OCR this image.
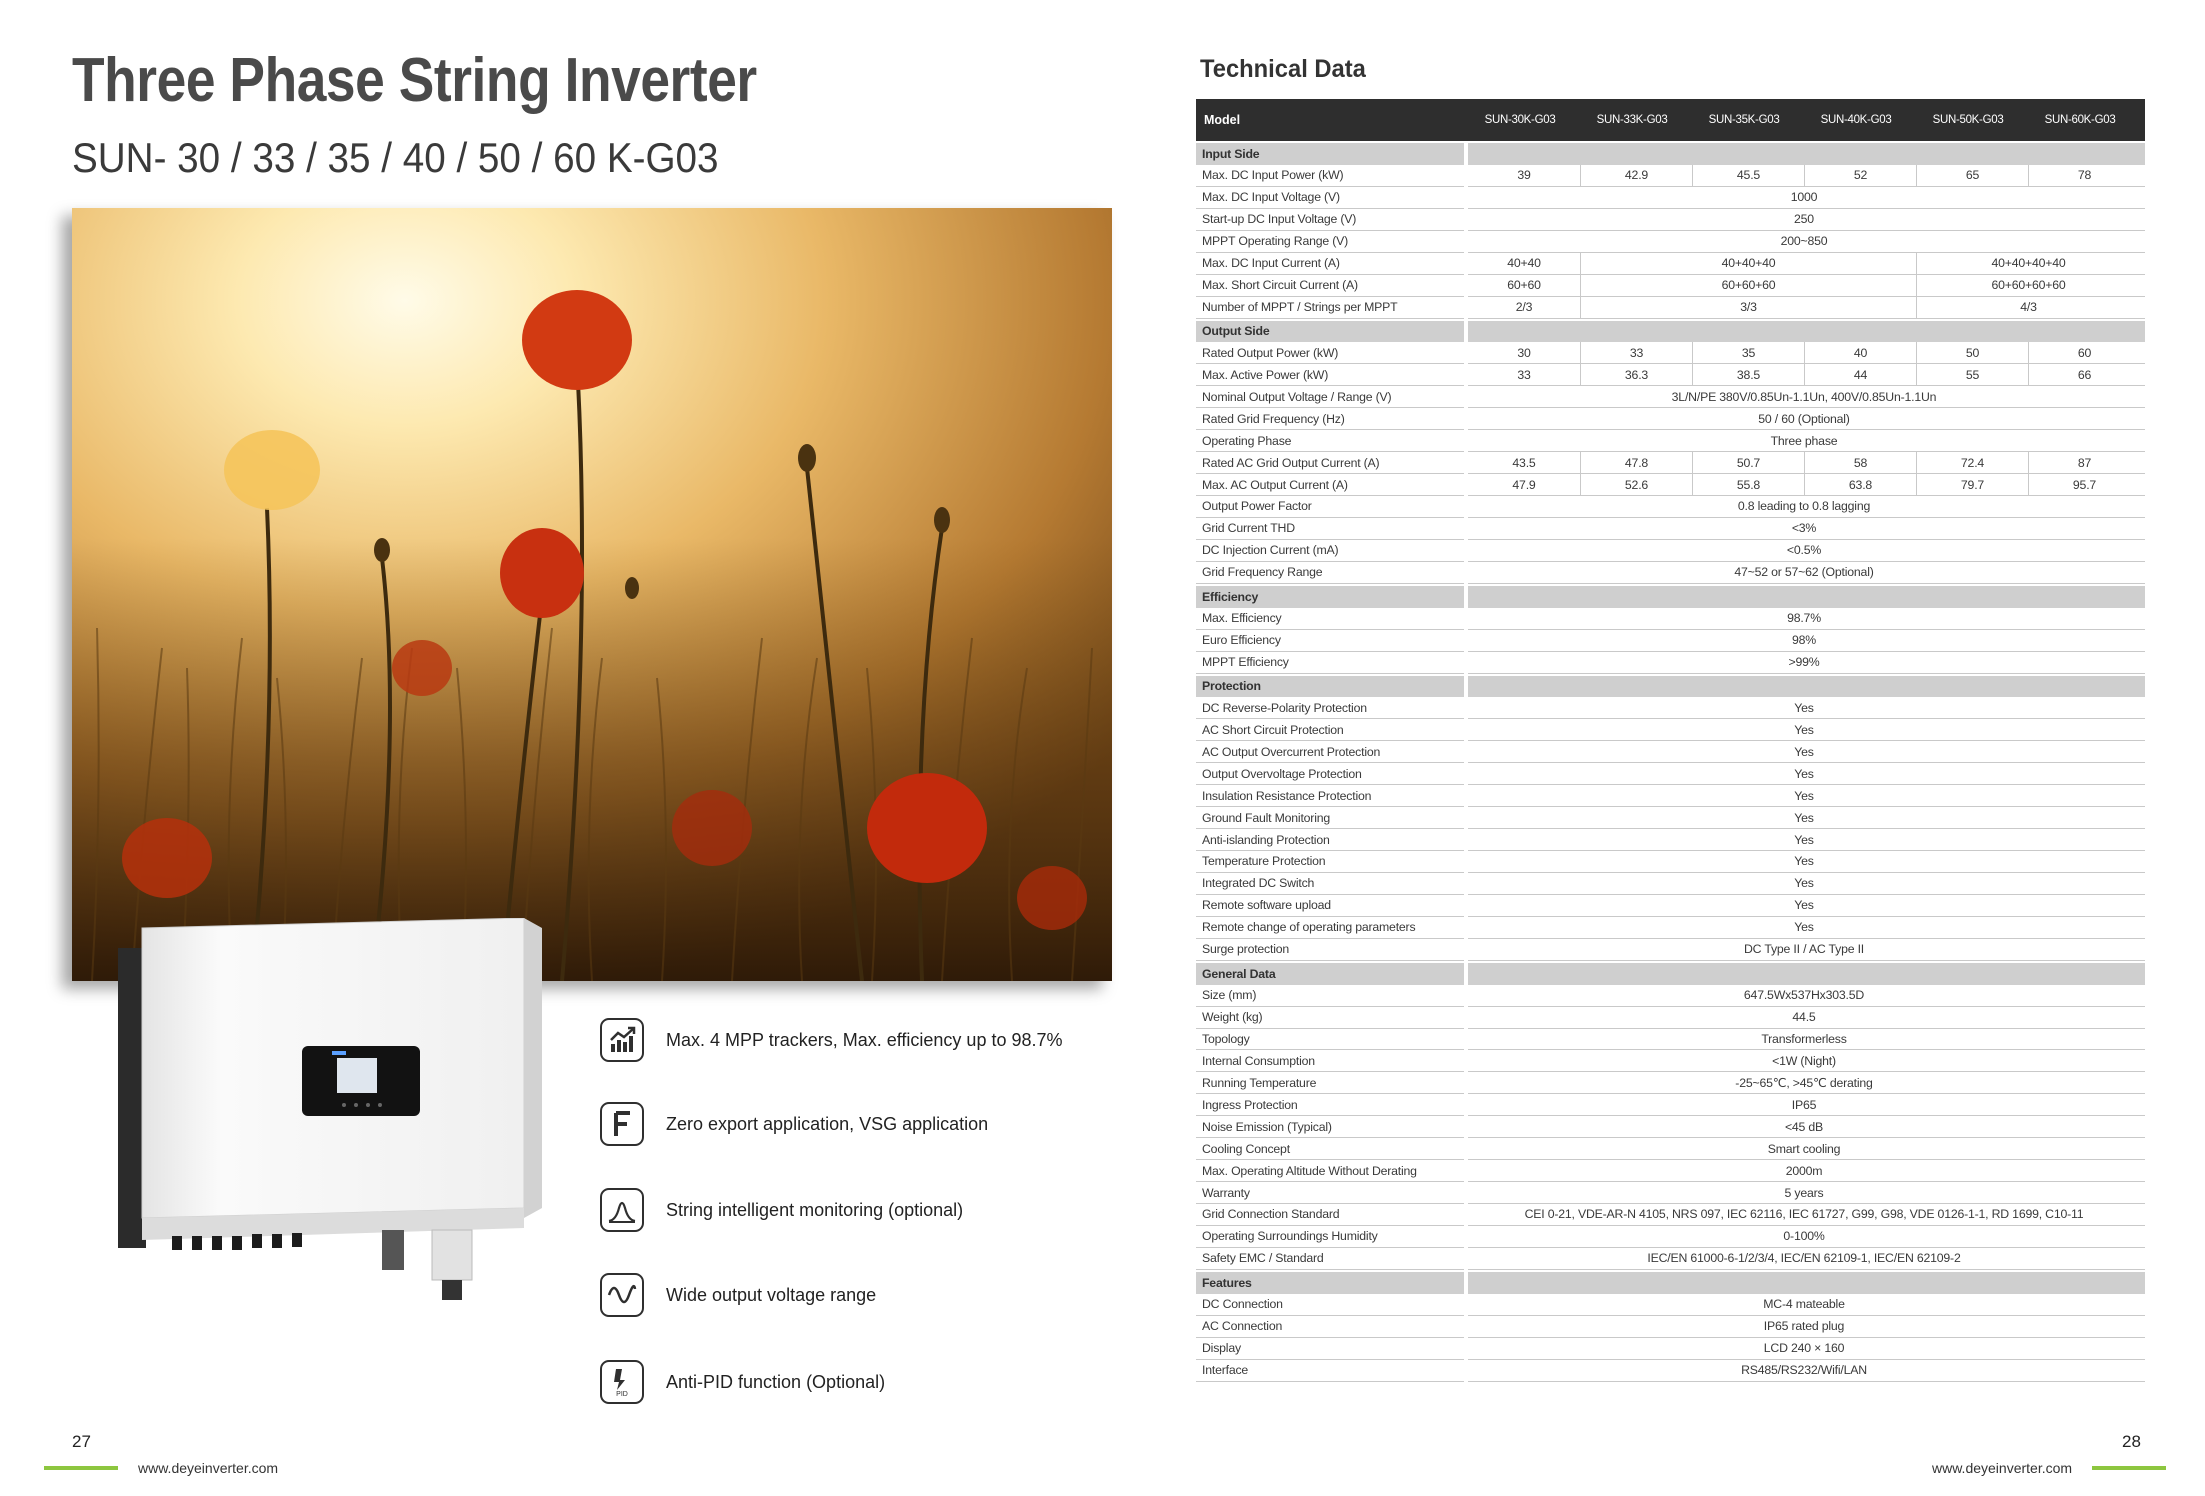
Three Phase String Inverter
SUN- 30 / 33 / 35 / 40 / 50 / 60 K-G03
Max. 4 MPP trackers, Max. efficiency up to 98.7%
Zero export application, VSG application
String intelligent monitoring (optional)
Wide output voltage range
PID
Anti-PID function (Optional)
27
www.deyeinverter.com
Technical Data
Model	SUN-30K-G03	SUN-33K-G03	SUN-35K-G03	SUN-40K-G03	SUN-50K-G03	SUN-60K-G03
Input Side
Max. DC Input Power (kW)	39	42.9	45.5	52	65	78
Max. DC Input Voltage (V)	1000
Start-up DC Input Voltage (V)	250
MPPT Operating Range (V)	200~850
Max. DC Input Current (A)	40+40	40+40+40	40+40+40+40
Max. Short Circuit Current (A)	60+60	60+60+60	60+60+60+60
Number of MPPT / Strings per MPPT	2/3	3/3	4/3
Output Side
Rated Output Power (kW)	30	33	35	40	50	60
Max. Active Power (kW)	33	36.3	38.5	44	55	66
Nominal Output Voltage / Range (V)	3L/N/PE 380V/0.85Un-1.1Un, 400V/0.85Un-1.1Un
Rated Grid Frequency (Hz)	50 / 60 (Optional)
Operating Phase	Three phase
Rated AC Grid Output Current (A)	43.5	47.8	50.7	58	72.4	87
Max. AC Output Current (A)	47.9	52.6	55.8	63.8	79.7	95.7
Output Power Factor	0.8 leading to 0.8 lagging
Grid Current THD	<3%
DC Injection Current (mA)	<0.5%
Grid Frequency Range	47~52 or 57~62 (Optional)
Efficiency
Max. Efficiency	98.7%
Euro Efficiency	98%
MPPT Efficiency	>99%
Protection
DC Reverse-Polarity Protection	Yes
AC Short Circuit Protection	Yes
AC Output Overcurrent Protection	Yes
Output Overvoltage Protection	Yes
Insulation Resistance Protection	Yes
Ground Fault Monitoring	Yes
Anti-islanding Protection	Yes
Temperature Protection	Yes
Integrated DC Switch	Yes
Remote software upload	Yes
Remote change of operating parameters	Yes
Surge protection	DC Type II / AC Type II
General Data
Size (mm)	647.5Wx537Hx303.5D
Weight (kg)	44.5
Topology	Transformerless
Internal Consumption	<1W (Night)
Running Temperature	-25~65℃, >45℃ derating
Ingress Protection	IP65
Noise Emission (Typical)	<45 dB
Cooling Concept	Smart cooling
Max. Operating Altitude Without Derating	2000m
Warranty	5 years
Grid Connection Standard	CEI 0-21, VDE-AR-N 4105, NRS 097, IEC 62116, IEC 61727, G99, G98, VDE 0126-1-1, RD 1699, C10-11
Operating Surroundings Humidity	0-100%
Safety EMC / Standard	IEC/EN 61000-6-1/2/3/4, IEC/EN 62109-1, IEC/EN 62109-2
Features
DC Connection	MC-4 mateable
AC Connection	IP65 rated plug
Display	LCD 240 × 160
Interface	RS485/RS232/Wifi/LAN
28
www.deyeinverter.com
